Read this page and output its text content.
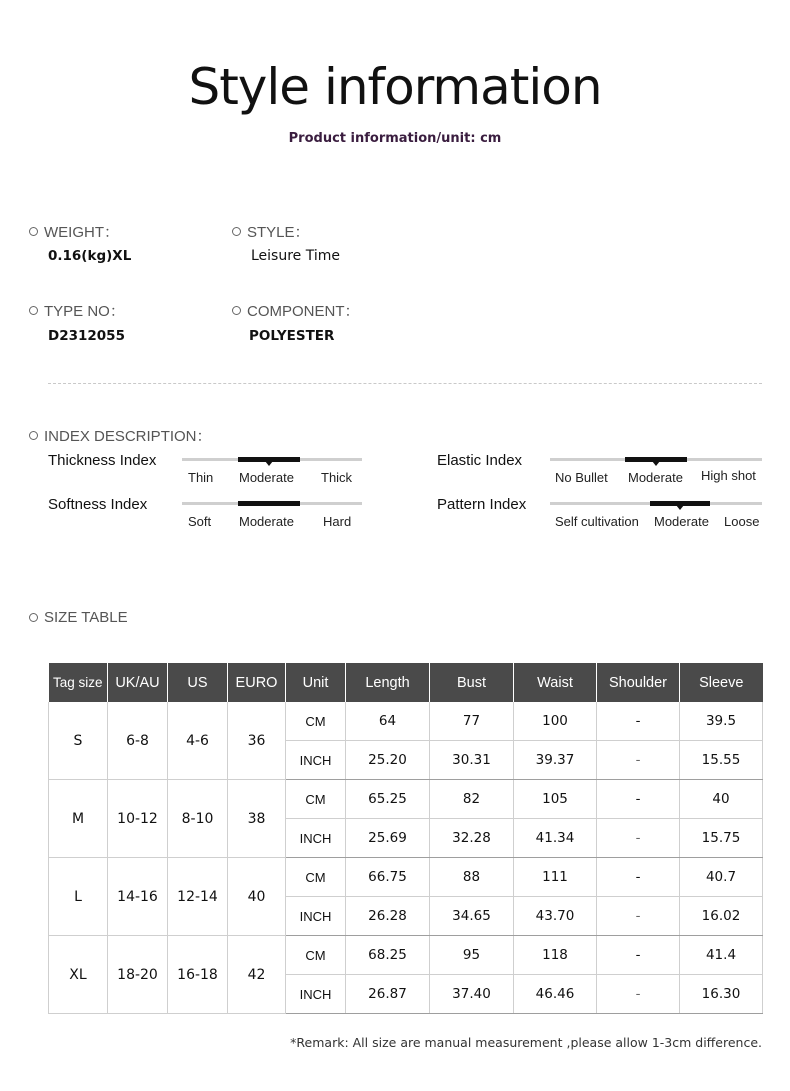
Style information
Product information/unit: cm
WEIGHT：
0.16(kg)XL
STYLE：
Leisure Time
TYPE NO：
D2312055
COMPONENT：
POLYESTER
INDEX DESCRIPTION：
Thickness Index
Thin Moderate Thick
Softness Index
Soft Moderate Hard
Elastic Index
No Bullet Moderate High shot
Pattern Index
Self cultivation Moderate Loose
SIZE TABLE
Tag size	UK/AU	US	EURO	Unit	Length	Bust	Waist	Shoulder	Sleeve
S	6-8	4-6	36	CM	64	77	100	-	39.5
				INCH	25.20	30.31	39.37	-	15.55
M	10-12	8-10	38	CM	65.25	82	105	-	40
				INCH	25.69	32.28	41.34	-	15.75
L	14-16	12-14	40	CM	66.75	88	111	-	40.7
				INCH	26.28	34.65	43.70	-	16.02
XL	18-20	16-18	42	CM	68.25	95	118	-	41.4
				INCH	26.87	37.40	46.46	-	16.30
*Remark: All size are manual measurement ,please allow 1-3cm difference.
